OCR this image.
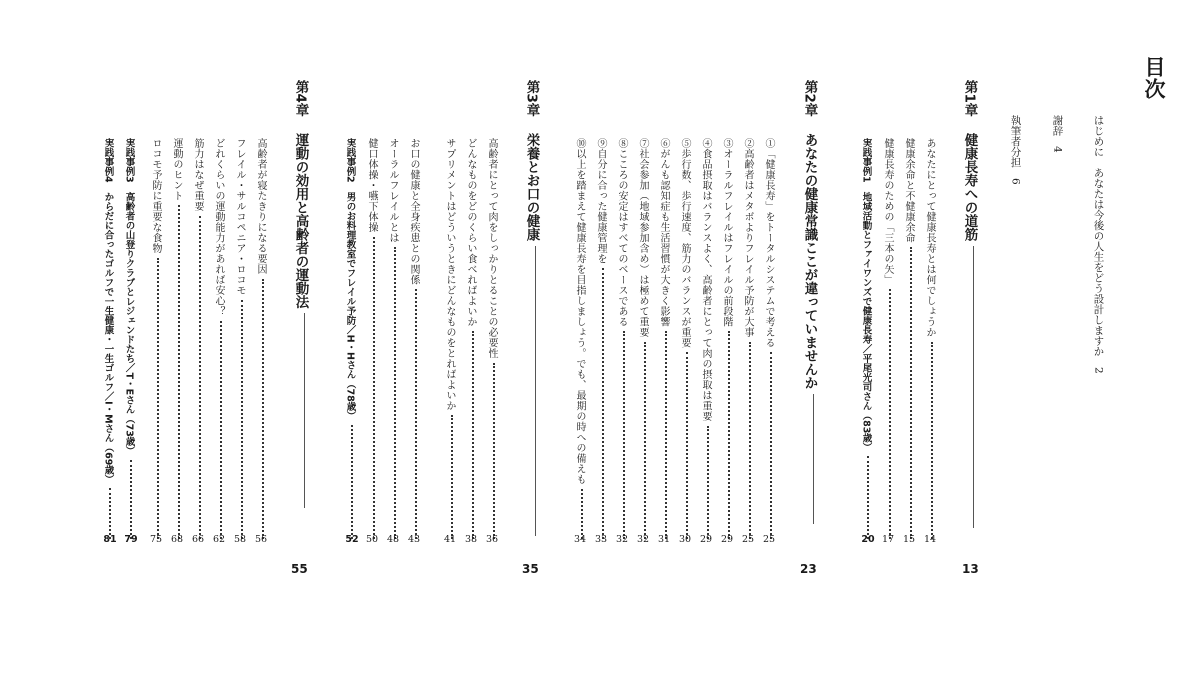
目次
はじめに　あなたは今後の人生をどう設計しますか2
謝辞4
執筆者分担6
第1章 健康長寿への道筋
13
あなたにとって健康長寿とは何でしょうか
14
健康余命と不健康余命
15
健康長寿のための「三本の矢」
17
実践事例1　地域活動とファイワンズで健康長寿／平尾光司さん（83歳）
20
第2章 あなたの健康常識ここが違っていませんか
23
①「健康長寿」をトータルシステムで考える
25
②高齢者はメタボよりフレイル予防が大事
25
③オーラルフレイルはフレイルの前段階
29
④食品摂取はバランスよく、高齢者にとって肉の摂取は重要
29
⑤歩行数、歩行速度、筋力のバランスが重要
30
⑥がんも認知症も生活習慣が大きく影響
31
⑦社会参加（地域参加含め）は極めて重要
32
⑧こころの安定はすべてのベースである
32
⑨自分に合った健康管理を
33
⑩以上を踏まえて健康長寿を目指しましょう。でも、最期の時への備えも
34
第3章 栄養とお口の健康
35
高齢者にとって肉をしっかりとることの必要性
36
どんなものをどのくらい食べればよいか
38
サプリメントはどういうときにどんなものをとればよいか
41
お口の健康と全身疾患との関係
43
オーラルフレイルとは
48
健口体操・嚥下体操
50
実践事例2　男のお料理教室でフレイル予防／H・Hさん（78歳）
52
第4章 運動の効用と高齢者の運動法
55
高齢者が寝たきりになる要因
56
フレイル・サルコペニア・ロコモ
58
どれくらいの運動能力があれば安心？
62
筋力はなぜ重要
66
運動のヒント
68
ロコモ予防に重要な食物
75
実践事例3　高齢者の山登りクラブとレジェンドたち／T・Eさん（73歳）
79
実践事例4　からだに合ったゴルフで一生健康・一生ゴルフ／I・Mさん（69歳）
81
